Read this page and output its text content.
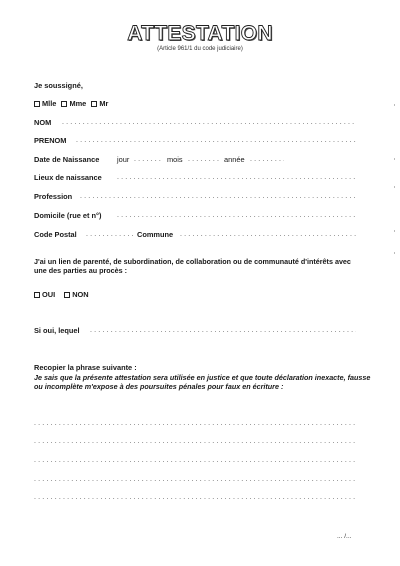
ATTESTATION
(Article 961/1 du code judiciaire)
Je soussigné,
Mlle Mme Mr
NOM
.....
PRENOM
.....
Date de Naissance jour .....	mois .....	année
.....
Lieux de naissance
.....
Profession
.....
Domicile (rue et n°)
.....
Code Postal .....	Commune
.....
J'ai un lien de parenté, de subordination, de collaboration ou de communauté d'intérêts avec une des parties au procès :
OUI NON
Si oui, lequel
.....
Recopier la phrase suivante :
Je sais que la présente attestation sera utilisée en justice et que toute déclaration inexacte, fausse ou incomplète m'expose à des poursuites pénales pour faux en écriture :
.....
.....
.....
.....
.....
... /...
